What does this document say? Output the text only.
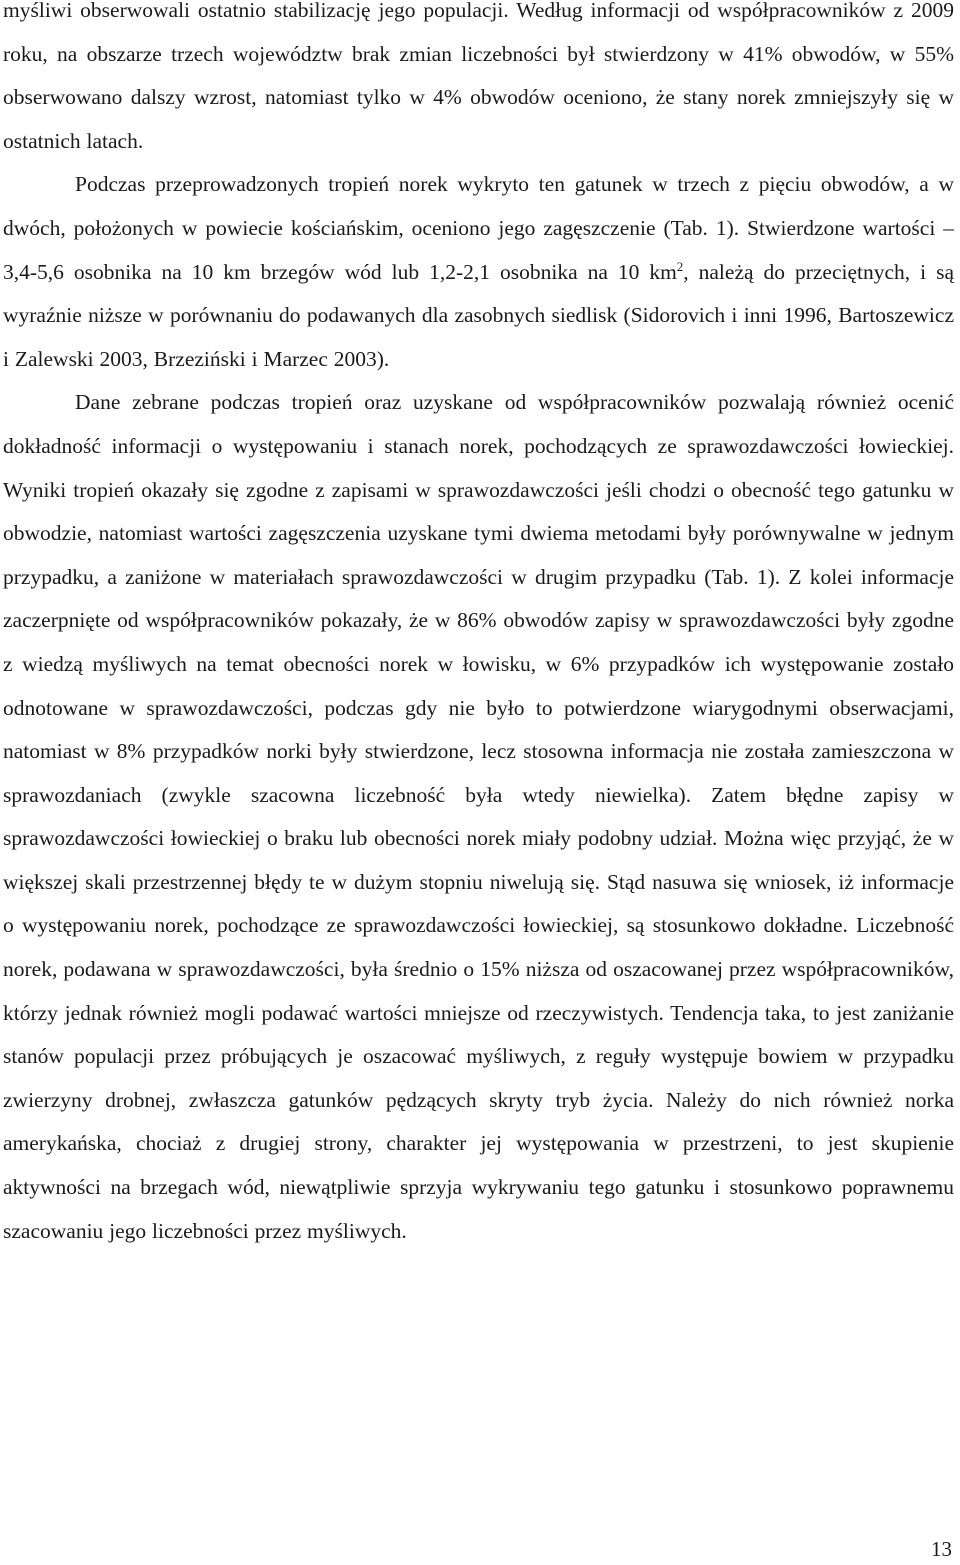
myśliwi obserwowali ostatnio stabilizację jego populacji. Według informacji od współpracowników z 2009 roku, na obszarze trzech województw brak zmian liczebności był stwierdzony w 41% obwodów, w 55% obserwowano dalszy wzrost, natomiast tylko w 4% obwodów oceniono, że stany norek zmniejszyły się w ostatnich latach.

Podczas przeprowadzonych tropień norek wykryto ten gatunek w trzech z pięciu obwodów, a w dwóch, położonych w powiecie kościańskim, oceniono jego zagęszczenie (Tab. 1). Stwierdzone wartości – 3,4-5,6 osobnika na 10 km brzegów wód lub 1,2-2,1 osobnika na 10 $km^2$, należą do przeciętnych, i są wyraźnie niższe w porównaniu do podawanych dla zasobnych siedlisk (Sidorovich i inni 1996, Bartoszewicz i Zalewski 2003, Brzeziński i Marzec 2003).

Dane zebrane podczas tropień oraz uzyskane od współpracowników pozwalają również ocenić dokładność informacji o występowaniu i stanach norek, pochodzących ze sprawozdawczości łowieckiej. Wyniki tropień okazały się zgodne z zapisami w sprawozdawczości jeśli chodzi o obecność tego gatunku w obwodzie, natomiast wartości zagęszczenia uzyskane tymi dwiema metodami były porównywalne w jednym przypadku, a zaniżone w materiałach sprawozdawczości w drugim przypadku (Tab. 1). Z kolei informacje zaczerpnięte od współpracowników pokazały, że w 86% obwodów zapisy w sprawozdawczości były zgodne z wiedzą myśliwych na temat obecności norek w łowisku, w 6% przypadków ich występowanie zostało odnotowane w sprawozdawczości, podczas gdy nie było to potwierdzone wiarygodnymi obserwacjami, natomiast w 8% przypadków norki były stwierdzone, lecz stosowna informacja nie została zamieszczona w sprawozdaniach (zwykle szacowna liczebność była wtedy niewielka). Zatem błędne zapisy w sprawozdawczości łowieckiej o braku lub obecności norek miały podobny udział. Można więc przyjąć, że w większej skali przestrzennej błędy te w dużym stopniu niwelują się. Stąd nasuwa się wniosek, iż informacje o występowaniu norek, pochodzące ze sprawozdawczości łowieckiej, są stosunkowo dokładne. Liczebność norek, podawana w sprawozdawczości, była średnio o 15% niższa od oszacowanej przez współpracowników, którzy jednak również mogli podawać wartości mniejsze od rzeczywistych. Tendencja taka, to jest zaniżanie stanów populacji przez próbujących je oszacować myśliwych, z reguły występuje bowiem w przypadku zwierzyny drobnej, zwłaszcza gatunków pędzących skryty tryb życia. Należy do nich również norka amerykańska, chociaż z drugiej strony, charakter jej występowania w przestrzeni, to jest skupienie aktywności na brzegach wód, niewątpliwie sprzyja wykrywaniu tego gatunku i stosunkowo poprawnemu szacowaniu jego liczebności przez myśliwych.

13
